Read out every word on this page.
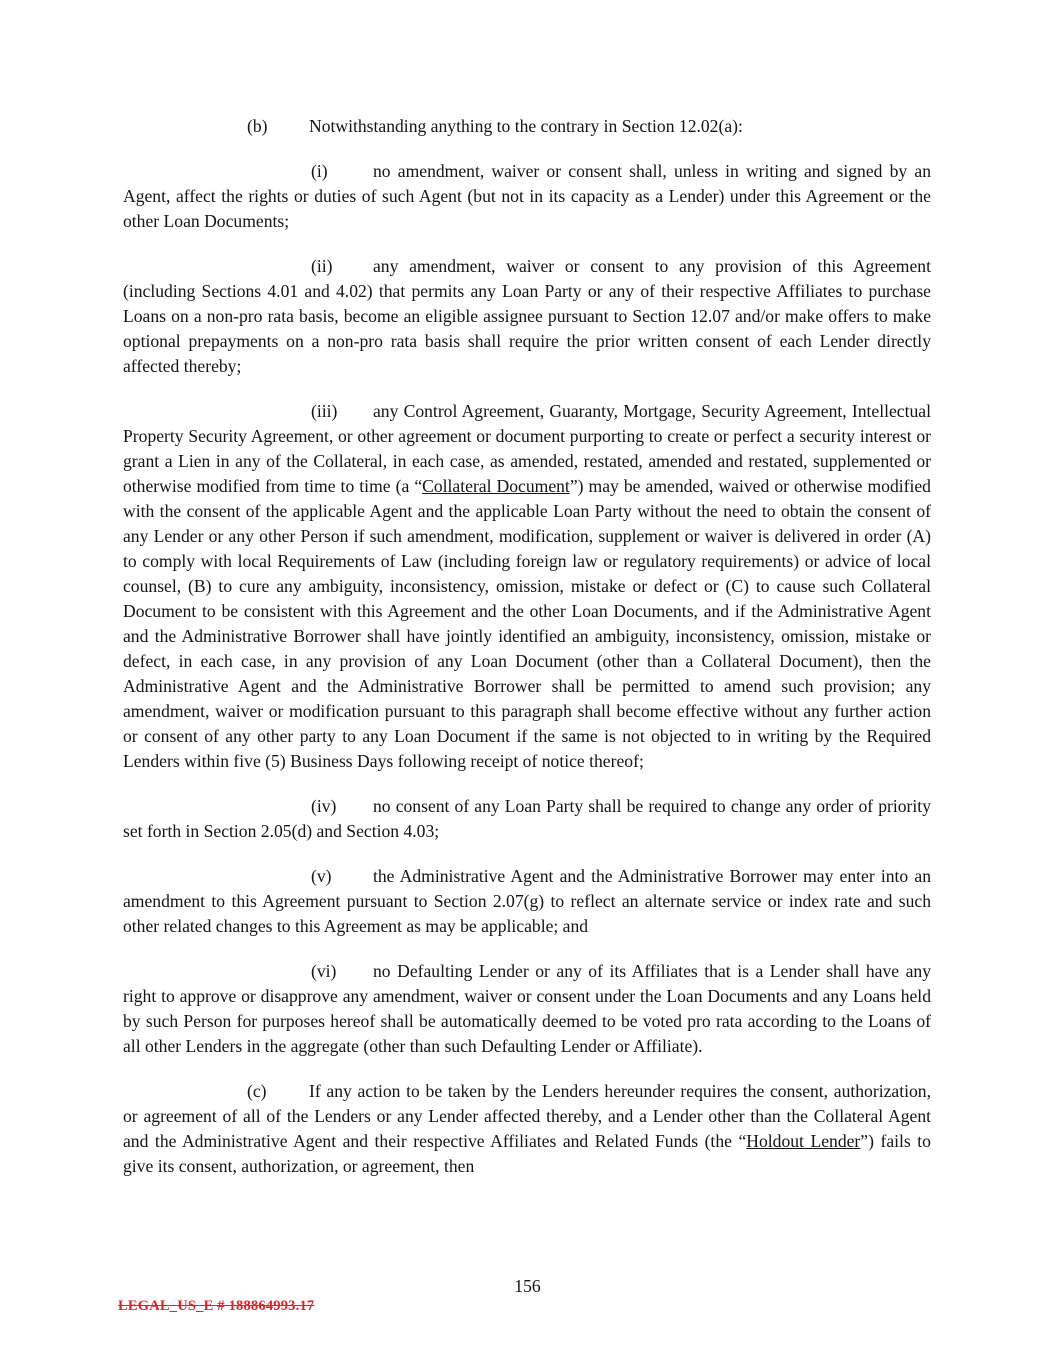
(b) Notwithstanding anything to the contrary in Section 12.02(a):

(i)	no amendment, waiver or consent shall, unless in writing and signed by an Agent, affect the rights or duties of such Agent (but not in its capacity as a Lender) under this Agreement or the other Loan Documents;

(ii) any amendment, waiver or consent to any provision of this Agreement (including Sections 4.01 and 4.02) that permits any Loan Party or any of their respective Affiliates to purchase Loans on a non-pro rata basis, become an eligible assignee pursuant to Section 12.07 and/or make offers to make optional prepayments on a non-pro rata basis shall require the prior written consent of each Lender directly affected thereby;

(iii) any Control Agreement, Guaranty, Mortgage, Security Agreement, Intellectual Property Security Agreement, or other agreement or document purporting to create or perfect a security interest or grant a Lien in any of the Collateral, in each case, as amended, restated, amended and restated, supplemented or otherwise modified from time to time (a “Collateral Document”) may be amended, waived or otherwise modified with the consent of the applicable Agent and the applicable Loan Party without the need to obtain the consent of any Lender or any other Person if such amendment, modification, supplement or waiver is delivered in order (A) to comply with local Requirements of Law (including foreign law or regulatory requirements) or advice of local counsel, (B) to cure any ambiguity, inconsistency, omission, mistake or defect or (C) to cause such Collateral Document to be consistent with this Agreement and the other Loan Documents, and if the Administrative Agent and the Administrative Borrower shall have jointly identified an ambiguity, inconsistency, omission, mistake or defect, in each case, in any provision of any Loan Document (other than a Collateral Document), then the Administrative Agent and the Administrative Borrower shall be permitted to amend such provision; any amendment, waiver or modification pursuant to this paragraph shall become effective without any further action or consent of any other party to any Loan Document if the same is not objected to in writing by the Required Lenders within five (5) Business Days following receipt of notice thereof;

(iv) no consent of any Loan Party shall be required to change any order of priority set forth in Section 2.05(d) and Section 4.03;

(v) the Administrative Agent and the Administrative Borrower may enter into an amendment to this Agreement pursuant to Section 2.07(g) to reflect an alternate service or index rate and such other related changes to this Agreement as may be applicable; and

(vi) no Defaulting Lender or any of its Affiliates that is a Lender shall have any right to approve or disapprove any amendment, waiver or consent under the Loan Documents and any Loans held by such Person for purposes hereof shall be automatically deemed to be voted pro rata according to the Loans of all other Lenders in the aggregate (other than such Defaulting Lender or Affiliate).

(c) If any action to be taken by the Lenders hereunder requires the consent, authorization, or agreement of all of the Lenders or any Lender affected thereby, and a Lender other than the Collateral Agent and the Administrative Agent and their respective Affiliates and Related Funds (the “Holdout Lender”) fails to give its consent, authorization, or agreement, then

156
LEGAL_US_E # 188864993.17
